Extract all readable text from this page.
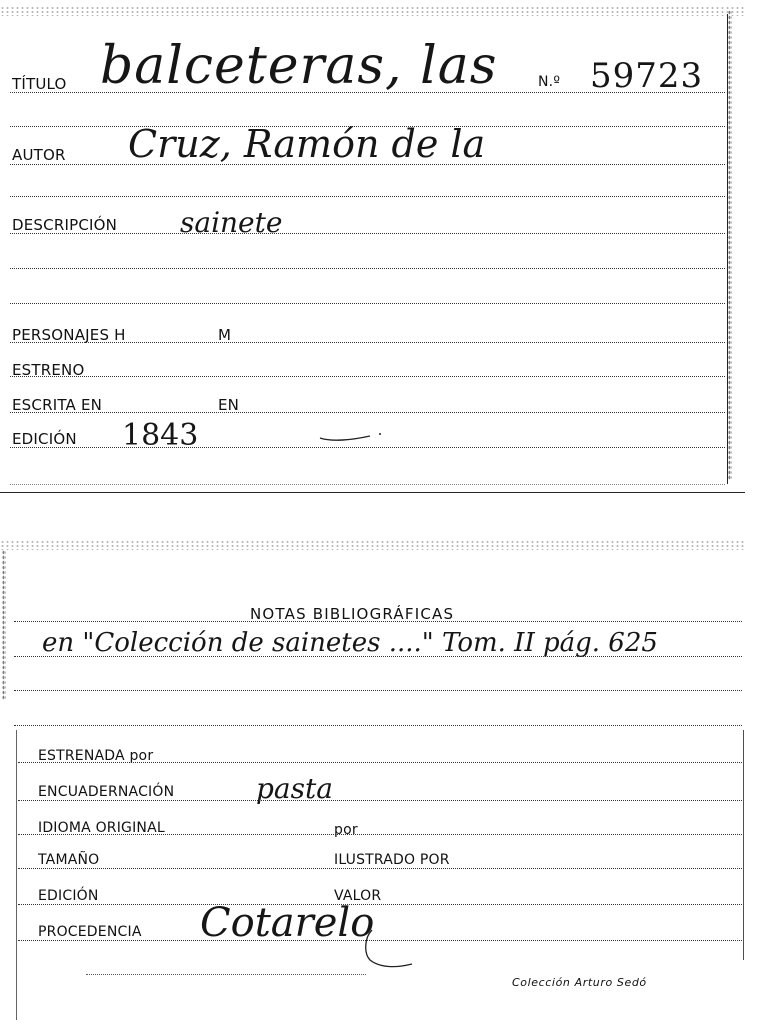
TÍTULO balceteras, las	N.º 59723
AUTOR Cruz, Ramón de la
DESCRIPCIÓN sainete
PERSONAJES H	M
ESTRENO
ESCRITA EN	EN
EDICIÓN 1843
NOTAS BIBLIOGRÁFICAS
en "Colección de sainetes ...." Tom. II pág. 625
ESTRENADA por
ENCUADERNACIÓN	pasta
IDIOMA ORIGINAL	por
TAMAÑO	ILUSTRADO POR
EDICIÓN	VALOR
PROCEDENCIA Cotarelo
Colección Arturo Sedó
